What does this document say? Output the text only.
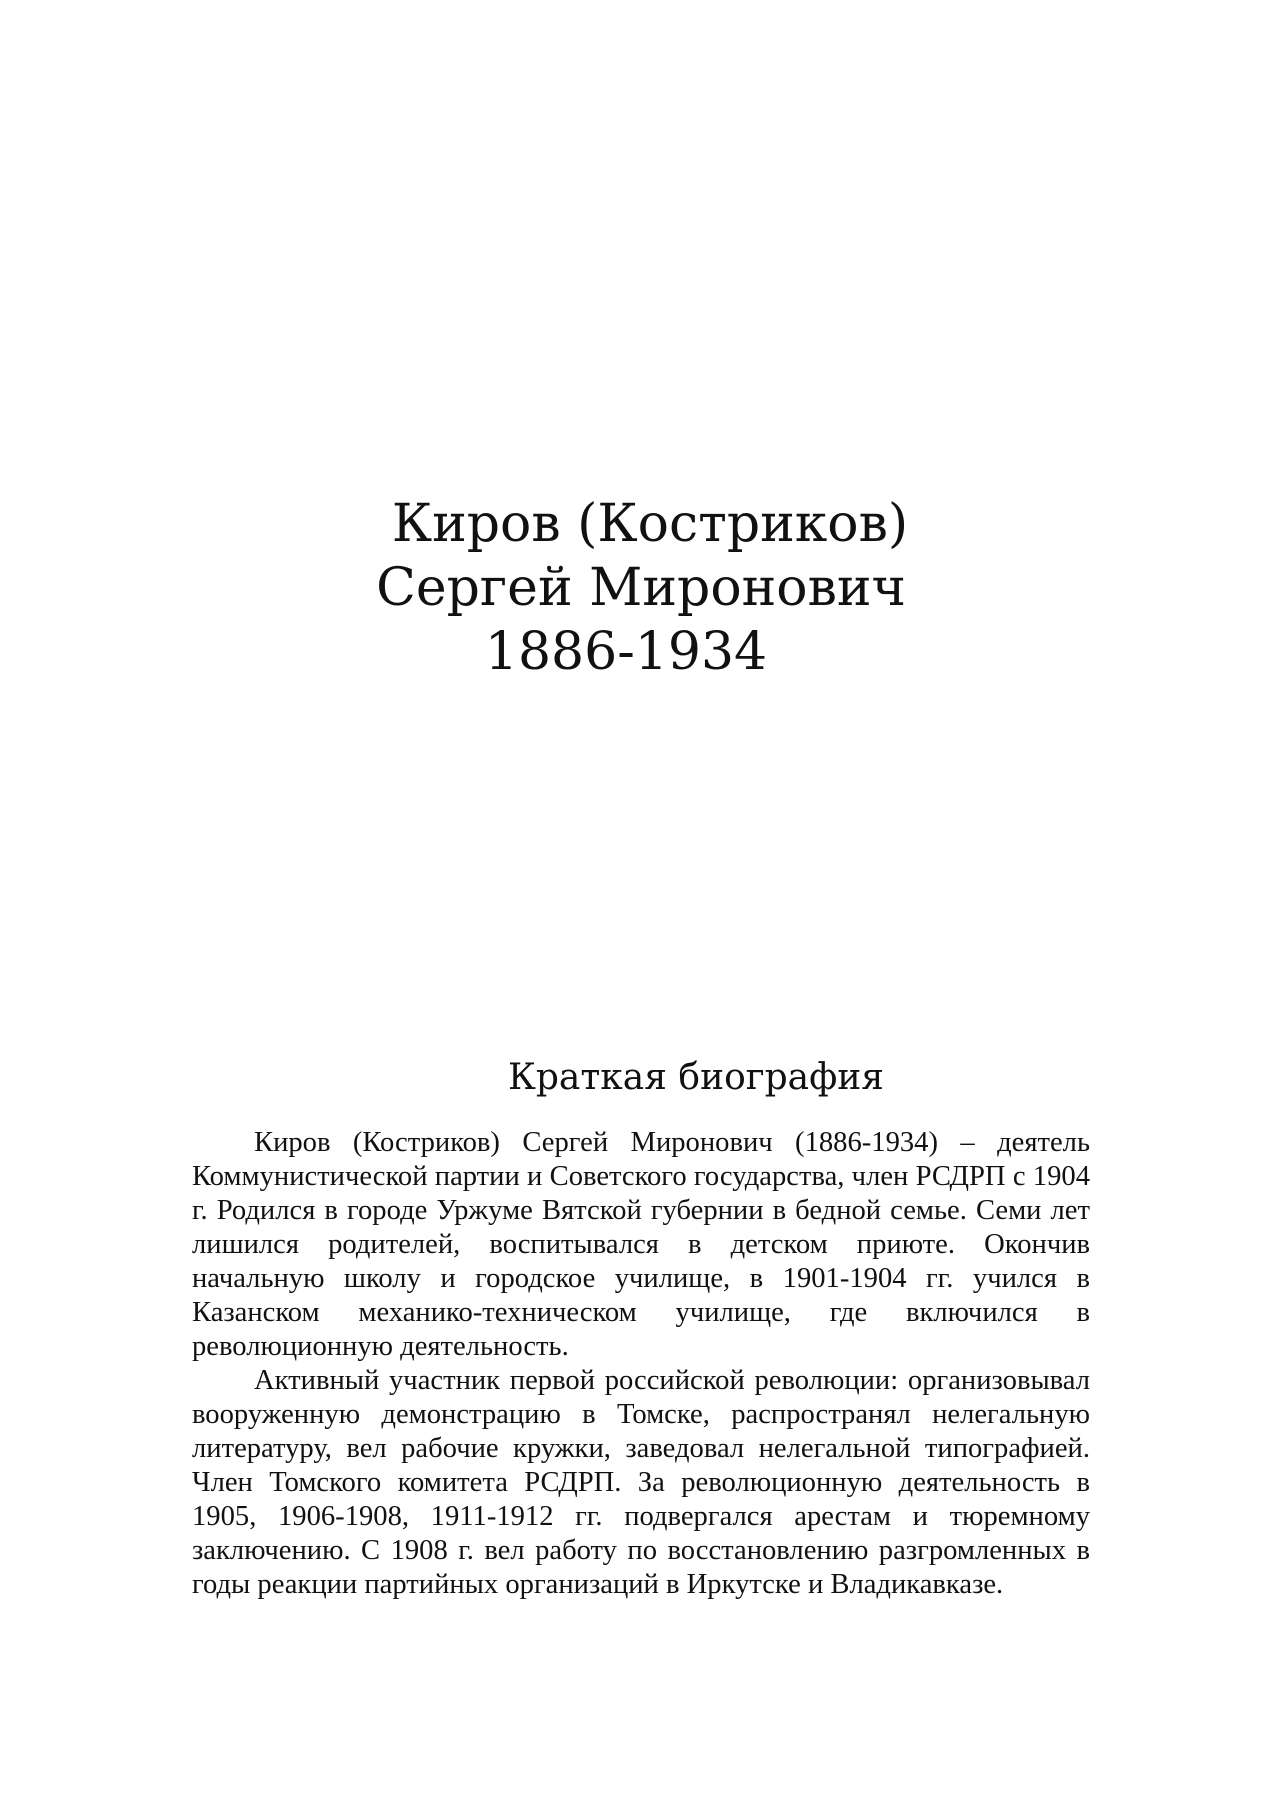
Киров (Костриков)
Сергей Миронович
1886-1934
Краткая биография

Киров (Костриков) Сергей Миронович (1886-1934) – деятель Коммунистической партии и Советского государства, член РСДРП с 1904 г. Родился в городе Уржуме Вятской губернии в бедной семье. Семи лет лишился родителей, воспитывался в детском приюте. Окончив начальную школу и городское училище, в 1901-1904 гг. учился в Казанском механико-техническом училище, где включился в революционную деятельность.

Активный участник первой российской революции: организовывал вооруженную демонстрацию в Томске, распространял нелегальную литературу, вел рабочие кружки, заведовал нелегальной типографией. Член Томского комитета РСДРП. За революционную деятельность в 1905, 1906-1908, 1911-1912 гг. подвергался арестам и тюремному заключению. С 1908 г. вел работу по восстановлению разгромленных в годы реакции партийных организаций в Иркутске и Владикавказе.
